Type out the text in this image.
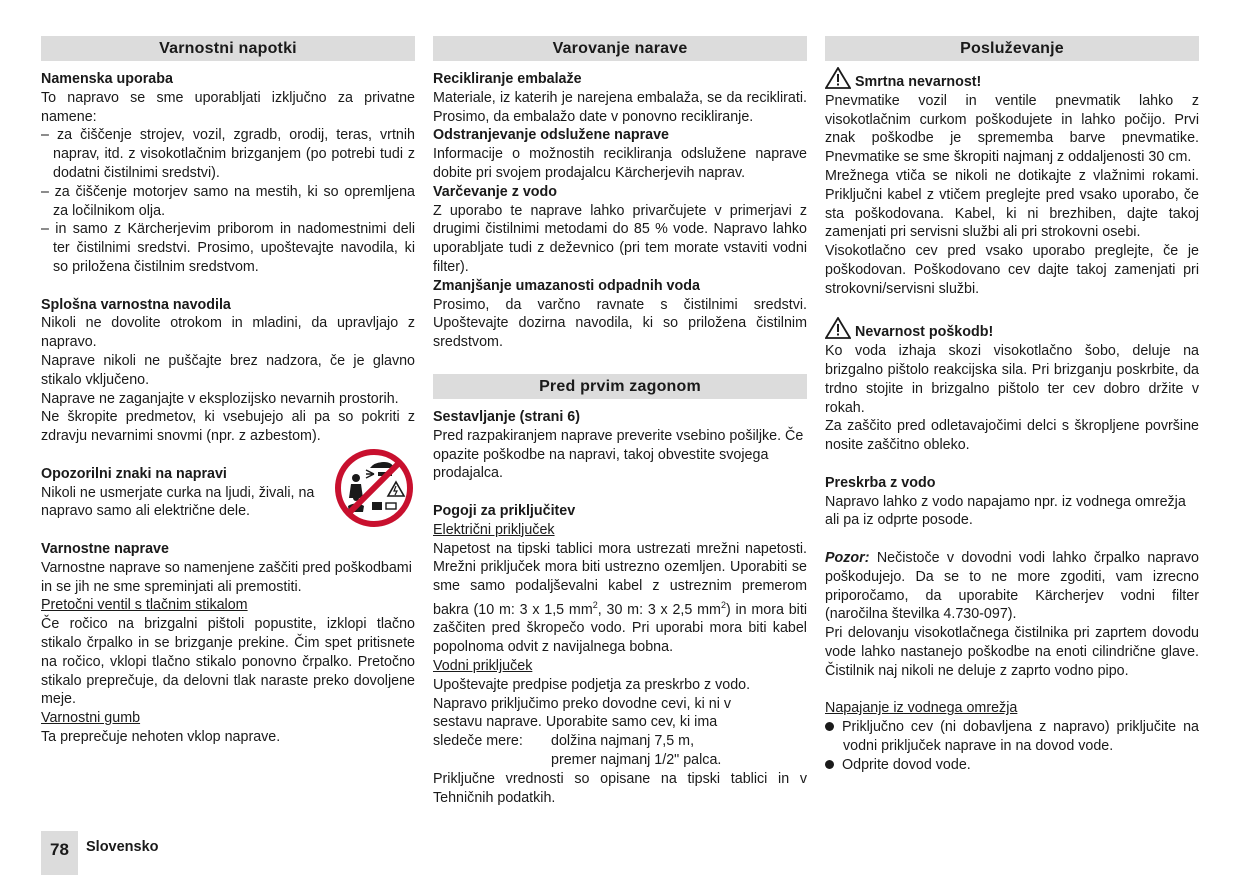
Varnostni napotki

Namenska uporaba

To napravo se sme uporabljati izključno za privatne namene:

– za čiščenje strojev, vozil, zgradb, orodij, teras, vrtnih naprav, itd. z visokotlačnim brizganjem (po potrebi tudi z dodatni čistilnimi sredstvi).

– za čiščenje motorjev samo na mestih, ki so opremljena za ločilnikom olja.

– in samo z Kärcherjevim priborom in nadomestnimi deli ter čistilnimi sredstvi. Prosimo, upoštevajte navodila, ki so priložena čistilnim sredstvom.

Splošna varnostna navodila

Nikoli ne dovolite otrokom in mladini, da upravljajo z napravo.

Naprave nikoli ne puščajte brez nadzora, če je glavno stikalo vključeno.

Naprave ne zaganjajte v eksplozijsko nevarnih prostorih.

Ne škropite predmetov, ki vsebujejo ali pa so pokriti z zdravju nevarnimi snovmi (npr. z azbestom).

Opozorilni znaki na napravi

Nikoli ne usmerjate curka na ljudi, živali, na napravo samo ali električne dele.

Varnostne naprave

Varnostne naprave so namenjene zaščiti pred poškodbami in se jih ne sme spreminjati ali premostiti.

Pretočni ventil s tlačnim stikalom

Če ročico na brizgalni pištoli popustite, izklopi tlačno stikalo črpalko in se brizganje prekine. Čim spet pritisnete na ročico, vklopi tlačno stikalo ponovno črpalko. Pretočno stikalo preprečuje, da delovni tlak naraste preko dovoljene meje.

Varnostni gumb

Ta preprečuje nehoten vklop naprave.

Varovanje narave

Recikliranje embalaže

Materiale, iz katerih je narejena embalaža, se da reciklirati. Prosimo, da embalažo date v ponovno recikliranje.

Odstranjevanje odslužene naprave

Informacije o možnostih recikliranja odslužene naprave dobite pri svojem prodajalcu Kärcherjevih naprav.

Varčevanje z vodo

Z uporabo te naprave lahko privarčujete v primerjavi z drugimi čistilnimi metodami do 85 % vode. Napravo lahko uporabljate tudi z deževnico (pri tem morate vstaviti vodni filter).

Zmanjšanje umazanosti odpadnih voda

Prosimo, da varčno ravnate s čistilnimi sredstvi. Upoštevajte dozirna navodila, ki so priložena čistilnim sredstvom.

Pred prvim zagonom

Sestavljanje (strani 6)

Pred razpakiranjem naprave preverite vsebino pošiljke. Če opazite poškodbe na napravi, takoj obvestite svojega prodajalca.

Pogoji za priključitev

Električni priključek

Napetost na tipski tablici mora ustrezati mrežni napetosti. Mrežni priključek mora biti ustrezno ozemljen. Uporabiti se sme samo podaljševalni kabel z ustreznim premerom bakra (10 m: 3 x 1,5 $mm^2$, 30 m: 3 x 2,5 $mm^2$) in mora biti zaščiten pred škropečo vodo. Pri uporabi mora biti kabel popolnoma odvit z navijalnega bobna.

Vodni priključek

Upoštevajte predpise podjetja za preskrbo z vodo.

Napravo priključimo preko dovodne cevi, ki ni v sestavu naprave. Uporabite samo cev, ki ima

sledeče mere: dolžina najmanj 7,5 m,

premer najmanj 1/2" palca.

Priključne vrednosti so opisane na tipski tablici in v Tehničnih podatkih.

Posluževanje

Smrtna nevarnost!

Pnevmatike vozil in ventile pnevmatik lahko z visokotlačnim curkom poškodujete in lahko počijo. Prvi znak poškodbe je sprememba barve pnevmatike. Pnevmatike se sme škropiti najmanj z oddaljenosti 30 cm.

Mrežnega vtiča se nikoli ne dotikajte z vlažnimi rokami. Priključni kabel z vtičem preglejte pred vsako uporabo, če sta poškodovana. Kabel, ki ni brezhiben, dajte takoj zamenjati pri servisni službi ali pri strokovni osebi.

Visokotlačno cev pred vsako uporabo preglejte, če je poškodovan. Poškodovano cev dajte takoj zamenjati pri strokovni/servisni službi.

Nevarnost poškodb!

Ko voda izhaja skozi visokotlačno šobo, deluje na brizgalno pištolo reakcijska sila. Pri brizganju poskrbite, da trdno stojite in brizgalno pištolo ter cev dobro držite v rokah.

Za zaščito pred odletavajočimi delci s škropljene površine nosite zaščitno obleko.

Preskrba z vodo

Napravo lahko z vodo napajamo npr. iz vodnega omrežja ali pa iz odprte posode.

Pozor: Nečistoče v dovodni vodi lahko črpalko napravo poškodujejo. Da se to ne more zgoditi, vam izrecno priporočamo, da uporabite Kärcherjev vodni filter (naročilna številka 4.730-097).

Pri delovanju visokotlačnega čistilnika pri zaprtem dovodu vode lahko nastanejo poškodbe na enoti cilindrične glave. Čistilnik naj nikoli ne deluje z zaprto vodno pipo.

Napajanje iz vodnega omrežja

Priključno cev (ni dobavljena z napravo) priključite na vodni priključek naprave in na dovod vode.

Odprite dovod vode.

78	Slovensko
